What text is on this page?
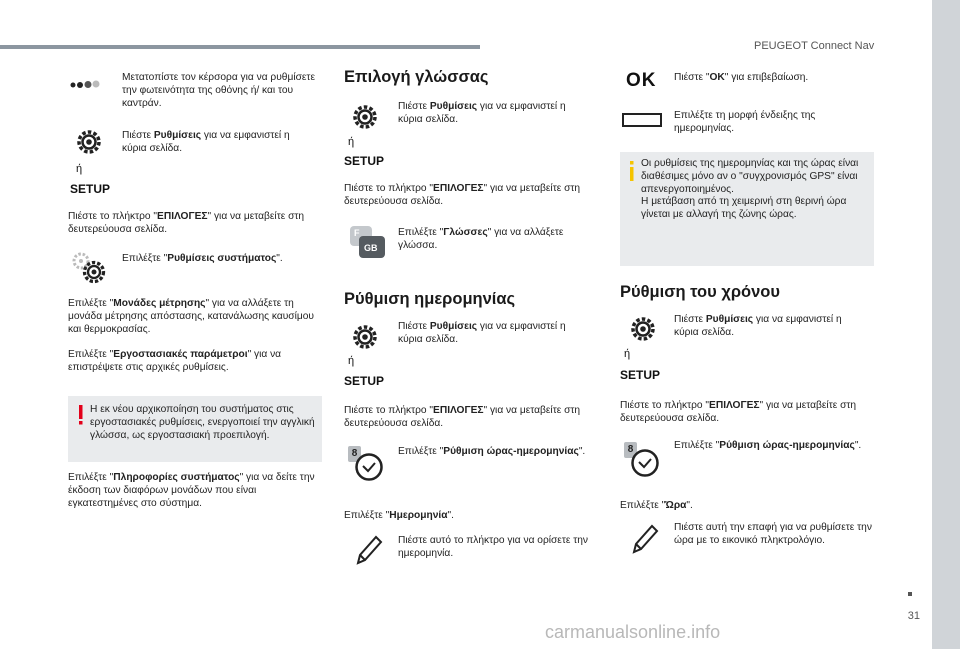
PEUGEOT Connect Nav
Μετατοπίστε τον κέρσορα για να ρυθμίσετε την φωτεινότητα της οθόνης ή/ και του καντράν.
ή
SETUP
Πιέστε Ρυθμίσεις για να εμφανιστεί η κύρια σελίδα.
Πιέστε το πλήκτρο "ΕΠΙΛΟΓΕΣ" για να μεταβείτε στη δευτερεύουσα σελίδα.
Επιλέξτε "Ρυθμίσεις συστήματος".
Επιλέξτε "Μονάδες μέτρησης" για να αλλάξετε τη μονάδα μέτρησης απόστασης, κατανάλωσης καυσίμου και θερμοκρασίας.
Επιλέξτε "Εργοστασιακές παράμετροι" για να επιστρέψετε στις αρχικές ρυθμίσεις.
Η εκ νέου αρχικοποίηση του συστήματος στις εργοστασιακές ρυθμίσεις, ενεργοποιεί την αγγλική γλώσσα, ως εργοστασιακή προεπιλογή.
Επιλέξτε "Πληροφορίες συστήματος" για να δείτε την έκδοση των διαφόρων μονάδων που είναι εγκατεστημένες στο σύστημα.
Επιλογή γλώσσας
ή
SETUP
Πιέστε Ρυθμίσεις για να εμφανιστεί η κύρια σελίδα.
Πιέστε το πλήκτρο "ΕΠΙΛΟΓΕΣ" για να μεταβείτε στη δευτερεύουσα σελίδα.
F
GB
Επιλέξτε "Γλώσσες" για να αλλάξετε γλώσσα.
Ρύθμιση ημερομηνίας
ή
SETUP
Πιέστε Ρυθμίσεις για να εμφανιστεί η κύρια σελίδα.
Πιέστε το πλήκτρο "ΕΠΙΛΟΓΕΣ" για να μεταβείτε στη δευτερεύουσα σελίδα.
8	Επιλέξτε "Ρύθμιση ώρας-ημερομηνίας".
Επιλέξτε "Ημερομηνία".
Πιέστε αυτό το πλήκτρο για να ορίσετε την ημερομηνία.
OK Πιέστε "OK" για επιβεβαίωση.
Επιλέξτε τη μορφή ένδειξης της ημερομηνίας.
Οι ρυθμίσεις της ημερομηνίας και της ώρας είναι διαθέσιμες μόνο αν ο "συγχρονισμός GPS" είναι απενεργοποιημένος.
Η μετάβαση από τη χειμερινή στη θερινή ώρα γίνεται με αλλαγή της ζώνης ώρας.
Ρύθμιση του χρόνου
ή
SETUP
Πιέστε Ρυθμίσεις για να εμφανιστεί η κύρια σελίδα.
Πιέστε το πλήκτρο "ΕΠΙΛΟΓΕΣ" για να μεταβείτε στη δευτερεύουσα σελίδα.
8	Επιλέξτε "Ρύθμιση ώρας-ημερομηνίας".
Επιλέξτε "Ώρα".
Πιέστε αυτή την επαφή για να ρυθμίσετε την ώρα με το εικονικό πληκτρολόγιο.
31
carmanualsonline.info
